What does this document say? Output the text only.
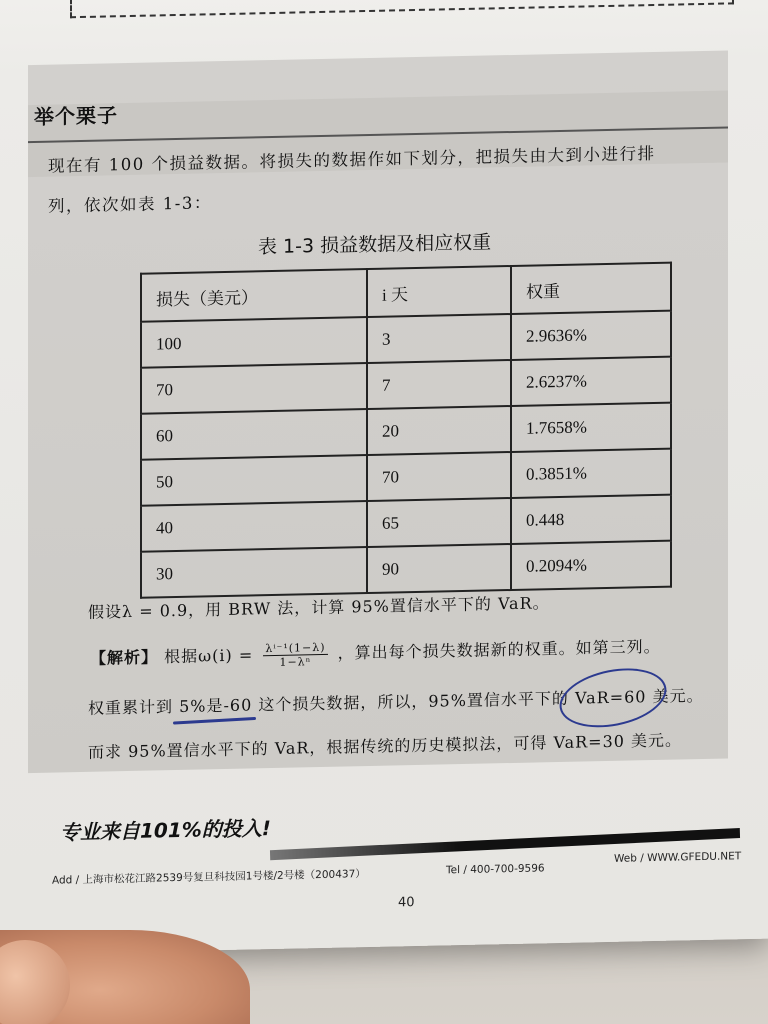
举个栗子
现在有 100 个损益数据。将损失的数据作如下划分，把损失由大到小进行排
列，依次如表 1-3：
表 1-3 损益数据及相应权重
损失（美元）	i 天	权重
100	3	2.9636%
70	7	2.6237%
60	20	1.7658%
50	70	0.3851%
40	65	0.448
30	90	0.2094%
假设λ = 0.9，用 BRW 法，计算 95%置信水平下的 VaR。
【解析】 根据$\omega(i) = \frac{\text{λⁱ⁻¹(1−λ)}}{\text{1−λⁿ}}$ ，算出每个损失数据新的权重。如第三列。
权重累计到 5%是-60 这个损失数据，所以，95%置信水平下的 VaR=60 美元。
而求 95%置信水平下的 VaR，根据传统的历史模拟法，可得 VaR=30 美元。
专业来自101%的投入!
Add / 上海市松花江路2539号复旦科技园1号楼/2号楼（200437）	Tel / 400-700-9596
Web / WWW.GFEDU.NET
40
